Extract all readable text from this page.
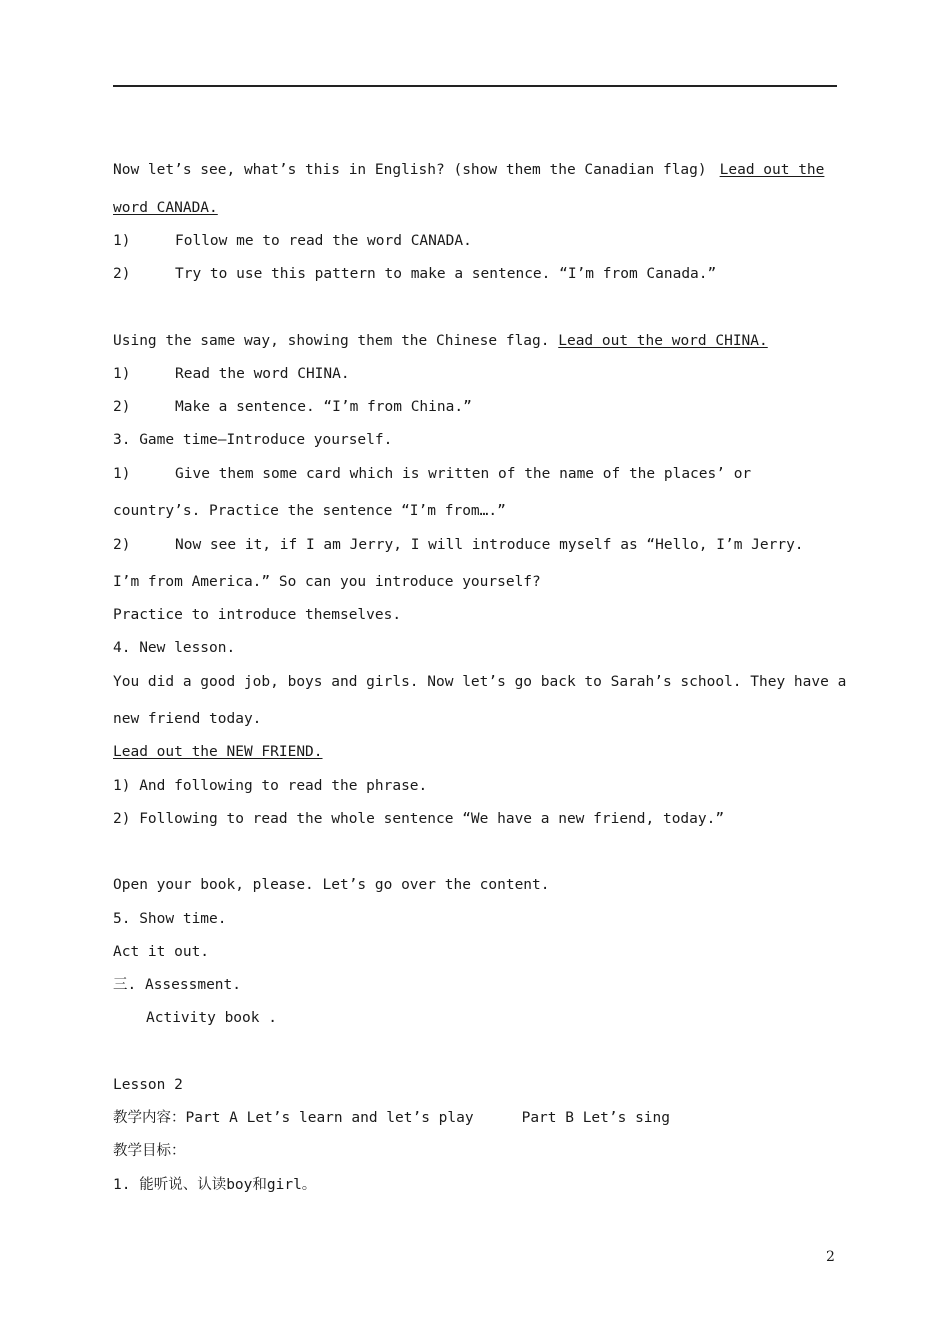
Now let’s see, what’s this in English? (show them the Canadian flag) Lead out the
word CANADA.
1)	Follow me to read the word CANADA.
2)	Try to use this pattern to make a sentence. “I’m from Canada.”
Using the same way, showing them the Chinese flag. Lead out the word CHINA.
1)	Read the word CHINA.
2)	Make a sentence. “I’m from China.”
3. Game time—Introduce yourself.
1)	Give them some card which is written of the name of the places’ or
country’s. Practice the sentence “I’m from….”
2)	Now see it, if I am Jerry, I will introduce myself as “Hello, I’m Jerry.
I’m from America.” So can you introduce yourself?
Practice to introduce themselves.
4. New lesson.
You did a good job, boys and girls. Now let’s go back to Sarah’s school. They have a
new friend today.
Lead out the NEW FRIEND.
1) And following to read the phrase.
2) Following to read the whole sentence “We have a new friend, today.”
Open your book, please. Let’s go over the content.
5. Show time.
Act it out.
三. Assessment.
Activity book .
Lesson 2
教学内容：Part A Let’s learn and let’s play	Part B Let’s sing
教学目标：
1. 能听说、认读boy和girl。
2
